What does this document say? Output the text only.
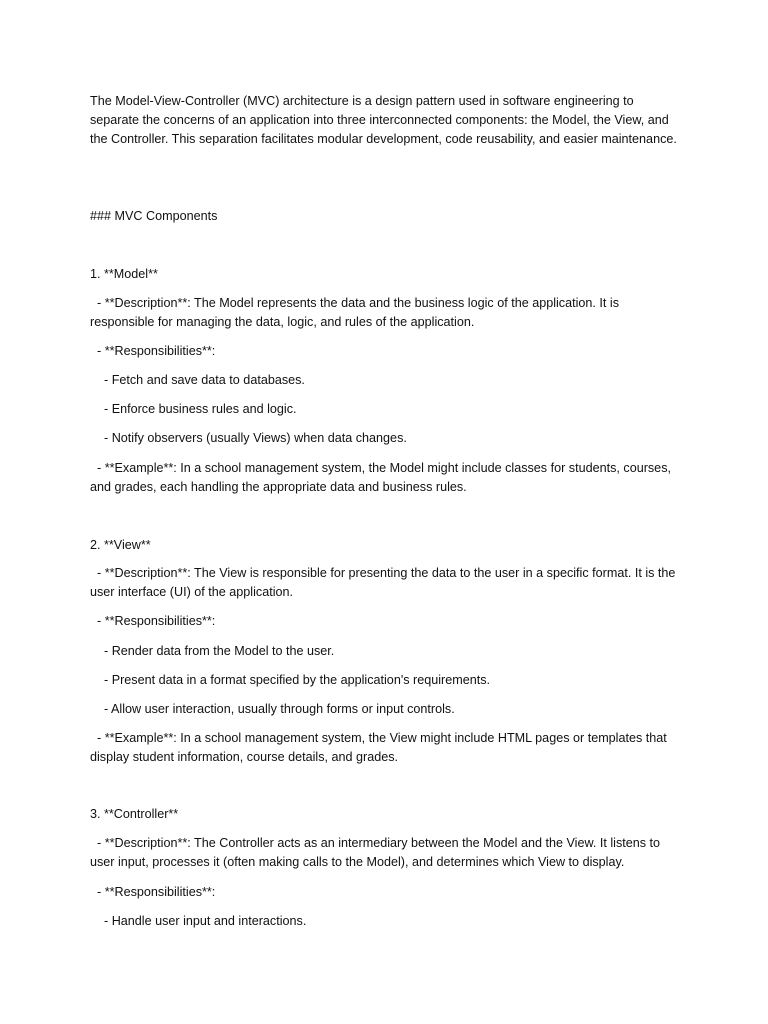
The Model-View-Controller (MVC) architecture is a design pattern used in software engineering to separate the concerns of an application into three interconnected components: the Model, the View, and the Controller. This separation facilitates modular development, code reusability, and easier maintenance.

### MVC Components

1. **Model**

- **Description**: The Model represents the data and the business logic of the application. It is responsible for managing the data, logic, and rules of the application.

- **Responsibilities**:

- Fetch and save data to databases.

- Enforce business rules and logic.

- Notify observers (usually Views) when data changes.

- **Example**: In a school management system, the Model might include classes for students, courses, and grades, each handling the appropriate data and business rules.

2. **View**

- **Description**: The View is responsible for presenting the data to the user in a specific format. It is the user interface (UI) of the application.

- **Responsibilities**:

- Render data from the Model to the user.

- Present data in a format specified by the application's requirements.

- Allow user interaction, usually through forms or input controls.

- **Example**: In a school management system, the View might include HTML pages or templates that display student information, course details, and grades.

3. **Controller**

- **Description**: The Controller acts as an intermediary between the Model and the View. It listens to user input, processes it (often making calls to the Model), and determines which View to display.

- **Responsibilities**:

- Handle user input and interactions.
